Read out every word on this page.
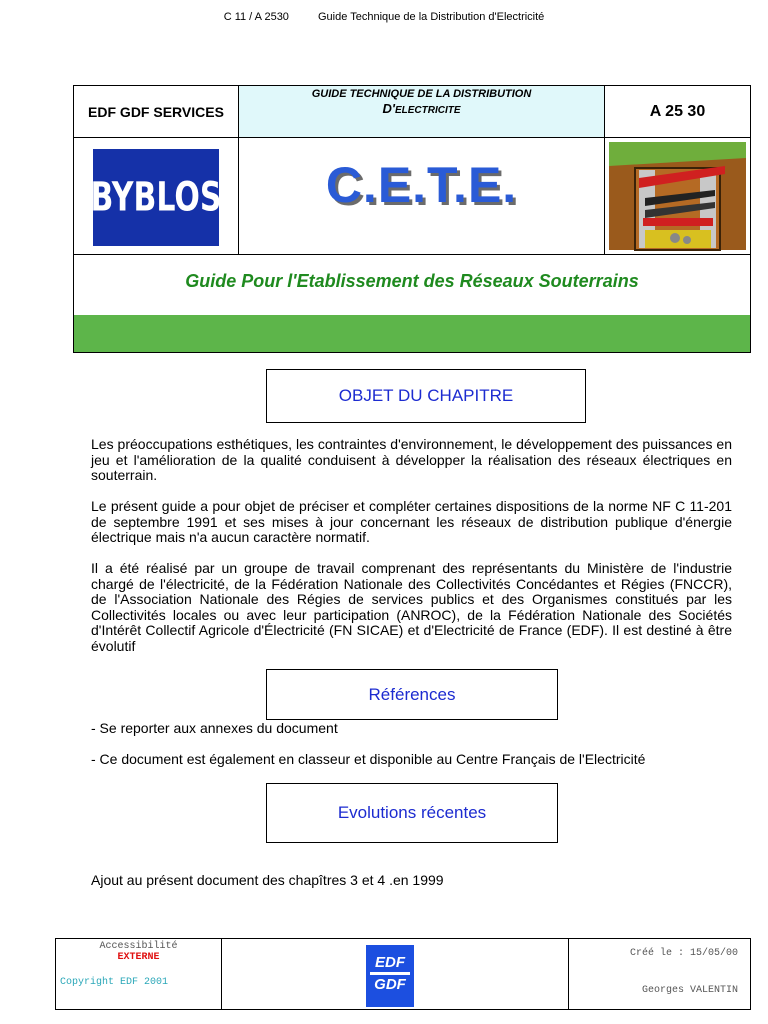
C 11 / A 2530	Guide Technique de la Distribution d'Electricité
EDF GDF SERVICES
GUIDE TECHNIQUE DE LA DISTRIBUTION
D'ELECTRICITE	A 25 30
BYBLOS C.E.T.E.
Guide Pour l'Etablissement des Réseaux Souterrains
OBJET DU CHAPITRE
Les préoccupations esthétiques, les contraintes d'environnement, le développement des puissances en jeu et l'amélioration de la qualité conduisent à développer la réalisation des réseaux électriques en souterrain.
Le présent guide a pour objet de préciser et compléter certaines dispositions de la norme NF C 11-201 de septembre 1991 et ses mises à jour concernant les réseaux de distribution publique d'énergie électrique mais n'a aucun caractère normatif.
Il a été réalisé par un groupe de travail comprenant des représentants du Ministère de l'industrie chargé de l'électricité, de la Fédération Nationale des Collectivités Concédantes et Régies (FNCCR), de l'Association Nationale des Régies de services publics et des Organismes constitués par les Collectivités locales ou avec leur participation (ANROC), de la Fédération Nationale des Sociétés d'Intérêt Collectif Agricole d'Électricité (FN SICAE) et d'Electricité de France (EDF). Il est destiné à être évolutif
Références
- Se reporter aux annexes du document
- Ce document est également en classeur et disponible au Centre Français de l'Electricité
Evolutions récentes
Ajout au présent document des chapîtres 3 et 4 .en 1999
Accessibilité
EXTERNE
Copyright EDF 2001
EDF
GDF
Créé le : 15/05/00
Georges VALENTIN
